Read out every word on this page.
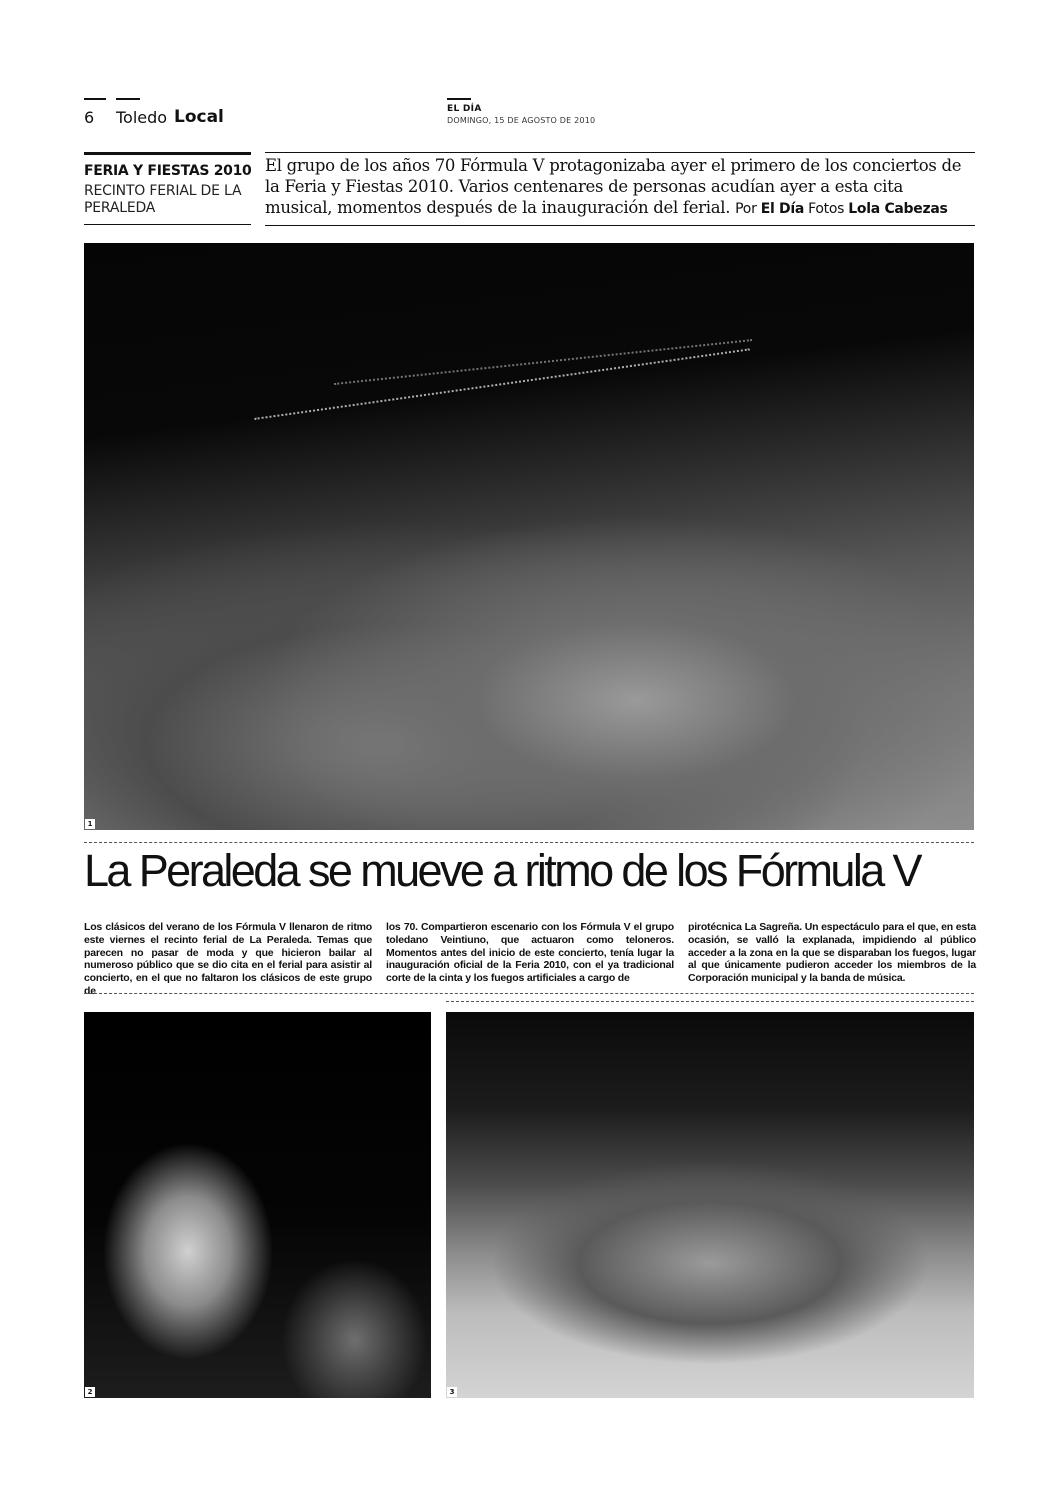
6 Toledo Local	EL DÍA
DOMINGO, 15 DE AGOSTO DE 2010
FERIA Y FIESTAS 2010
RECINTO FERIAL DE LA PERALEDA
El grupo de los años 70 Fórmula V protagonizaba ayer el primero de los conciertos de la Feria y Fiestas 2010. Varios centenares de personas acudían ayer a esta cita musical, momentos después de la inauguración del ferial. Por El Día Fotos Lola Cabezas
1
La Peraleda se mueve a ritmo de los Fórmula V
Los clásicos del verano de los Fórmula V llenaron de ritmo este viernes el recinto ferial de La Peraleda. Temas que parecen no pasar de moda y que hicieron bailar al numeroso público que se dio cita en el ferial para asistir al concierto, en el que no faltaron los clásicos de este grupo de
los 70. Compartieron escenario con los Fórmula V el grupo toledano Veintiuno, que actuaron como teloneros. Momentos antes del inicio de este concierto, tenía lugar la inauguración oficial de la Feria 2010, con el ya tradicional corte de la cinta y los fuegos artificiales a cargo de
pirotécnica La Sagreña. Un espectáculo para el que, en esta ocasión, se valló la explanada, impidiendo al público acceder a la zona en la que se disparaban los fuegos, lugar al que únicamente pudieron acceder los miembros de la Corporación municipal y la banda de música.
2	3
